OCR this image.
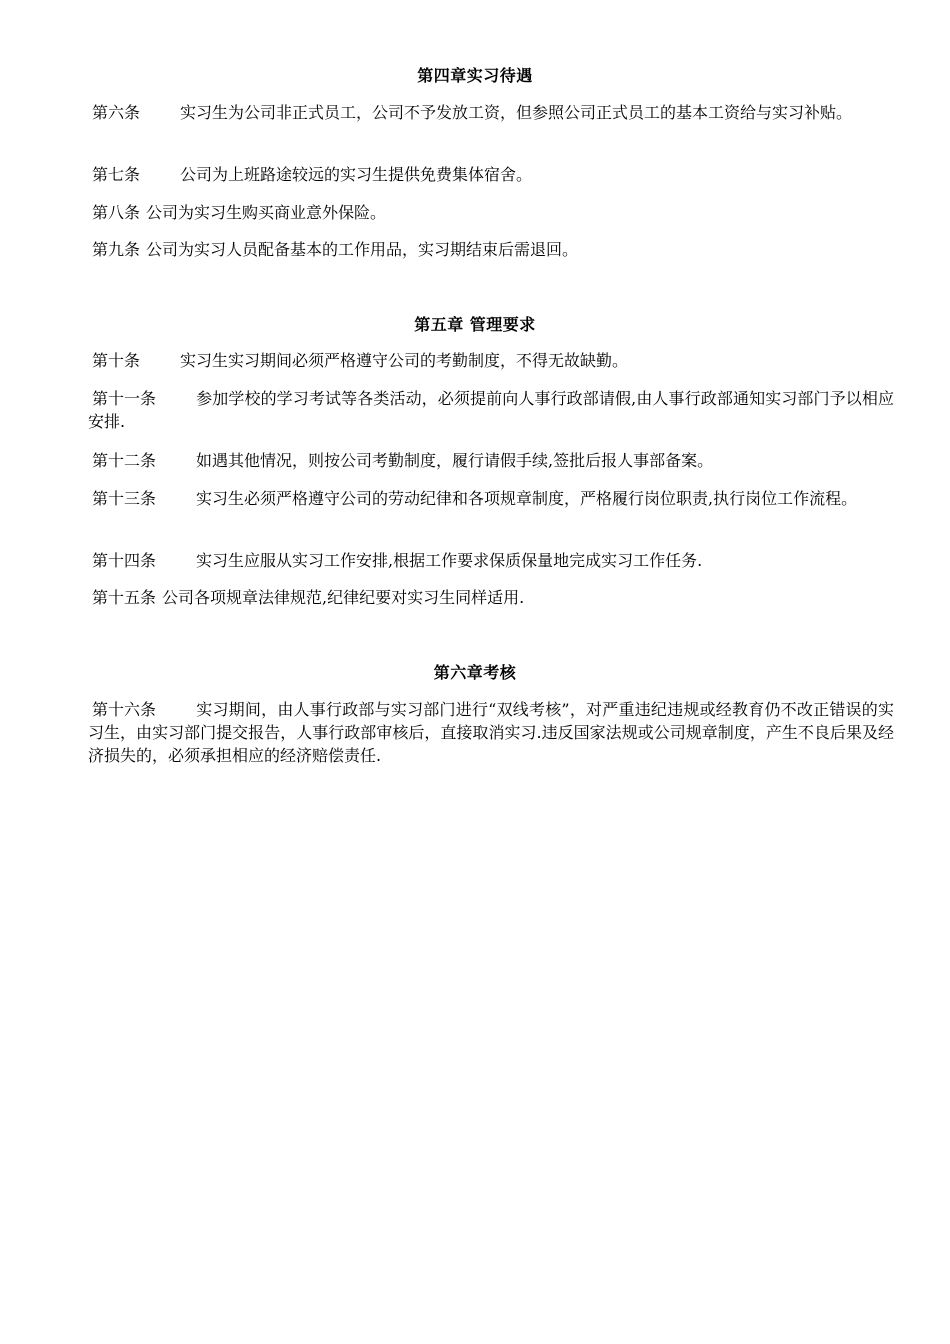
第四章实习待遇

第六条	实习生为公司非正式员工，公司不予发放工资，但参照公司正式员工的基本工资给与实习补贴。

第七条	公司为上班路途较远的实习生提供免费集体宿舍。

第八条 公司为实习生购买商业意外保险。

第九条 公司为实习人员配备基本的工作用品，实习期结束后需退回。

第五章 管理要求

第十条	实习生实习期间必须严格遵守公司的考勤制度，不得无故缺勤。

第十一条	参加学校的学习考试等各类活动，必须提前向人事行政部请假,由人事行政部通知实习部门予以相应安排.

第十二条	如遇其他情况，则按公司考勤制度，履行请假手续,签批后报人事部备案。

第十三条	实习生必须严格遵守公司的劳动纪律和各项规章制度，严格履行岗位职责,执行岗位工作流程。

第十四条	实习生应服从实习工作安排,根据工作要求保质保量地完成实习工作任务.

第十五条 公司各项规章法律规范,纪律纪要对实习生同样适用.

第六章考核

第十六条	实习期间，由人事行政部与实习部门进行“双线考核”，对严重违纪违规或经教育仍不改正错误的实习生，由实习部门提交报告，人事行政部审核后，直接取消实习.违反国家法规或公司规章制度，产生不良后果及经济损失的，必须承担相应的经济赔偿责任.
